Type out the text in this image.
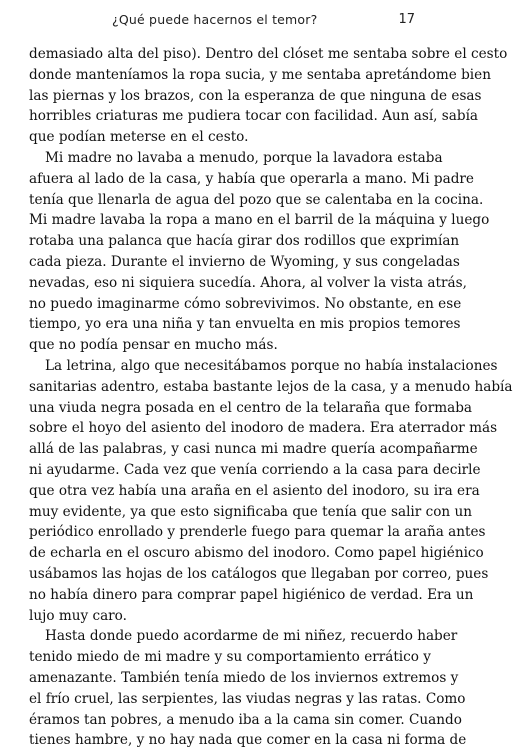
¿Qué puede hacernos el temor?	17
demasiado alta del piso). Dentro del clóset me sentaba sobre el cesto
donde manteníamos la ropa sucia, y me sentaba apretándome bien
las piernas y los brazos, con la esperanza de que ninguna de esas
horribles criaturas me pudiera tocar con facilidad. Aun así, sabía
que podían meterse en el cesto.
Mi madre no lavaba a menudo, porque la lavadora estaba
afuera al lado de la casa, y había que operarla a mano. Mi padre
tenía que llenarla de agua del pozo que se calentaba en la cocina.
Mi madre lavaba la ropa a mano en el barril de la máquina y luego
rotaba una palanca que hacía girar dos rodillos que exprimían
cada pieza. Durante el invierno de Wyoming, y sus congeladas
nevadas, eso ni siquiera sucedía. Ahora, al volver la vista atrás,
no puedo imaginarme cómo sobrevivimos. No obstante, en ese
tiempo, yo era una niña y tan envuelta en mis propios temores
que no podía pensar en mucho más.
La letrina, algo que necesitábamos porque no había instalaciones
sanitarias adentro, estaba bastante lejos de la casa, y a menudo había
una viuda negra posada en el centro de la telaraña que formaba
sobre el hoyo del asiento del inodoro de madera. Era aterrador más
allá de las palabras, y casi nunca mi madre quería acompañarme
ni ayudarme. Cada vez que venía corriendo a la casa para decirle
que otra vez había una araña en el asiento del inodoro, su ira era
muy evidente, ya que esto significaba que tenía que salir con un
periódico enrollado y prenderle fuego para quemar la araña antes
de echarla en el oscuro abismo del inodoro. Como papel higiénico
usábamos las hojas de los catálogos que llegaban por correo, pues
no había dinero para comprar papel higiénico de verdad. Era un
lujo muy caro.
Hasta donde puedo acordarme de mi niñez, recuerdo haber
tenido miedo de mi madre y su comportamiento errático y
amenazante. También tenía miedo de los inviernos extremos y
el frío cruel, las serpientes, las viudas negras y las ratas. Como
éramos tan pobres, a menudo iba a la cama sin comer. Cuando
tienes hambre, y no hay nada que comer en la casa ni forma de
